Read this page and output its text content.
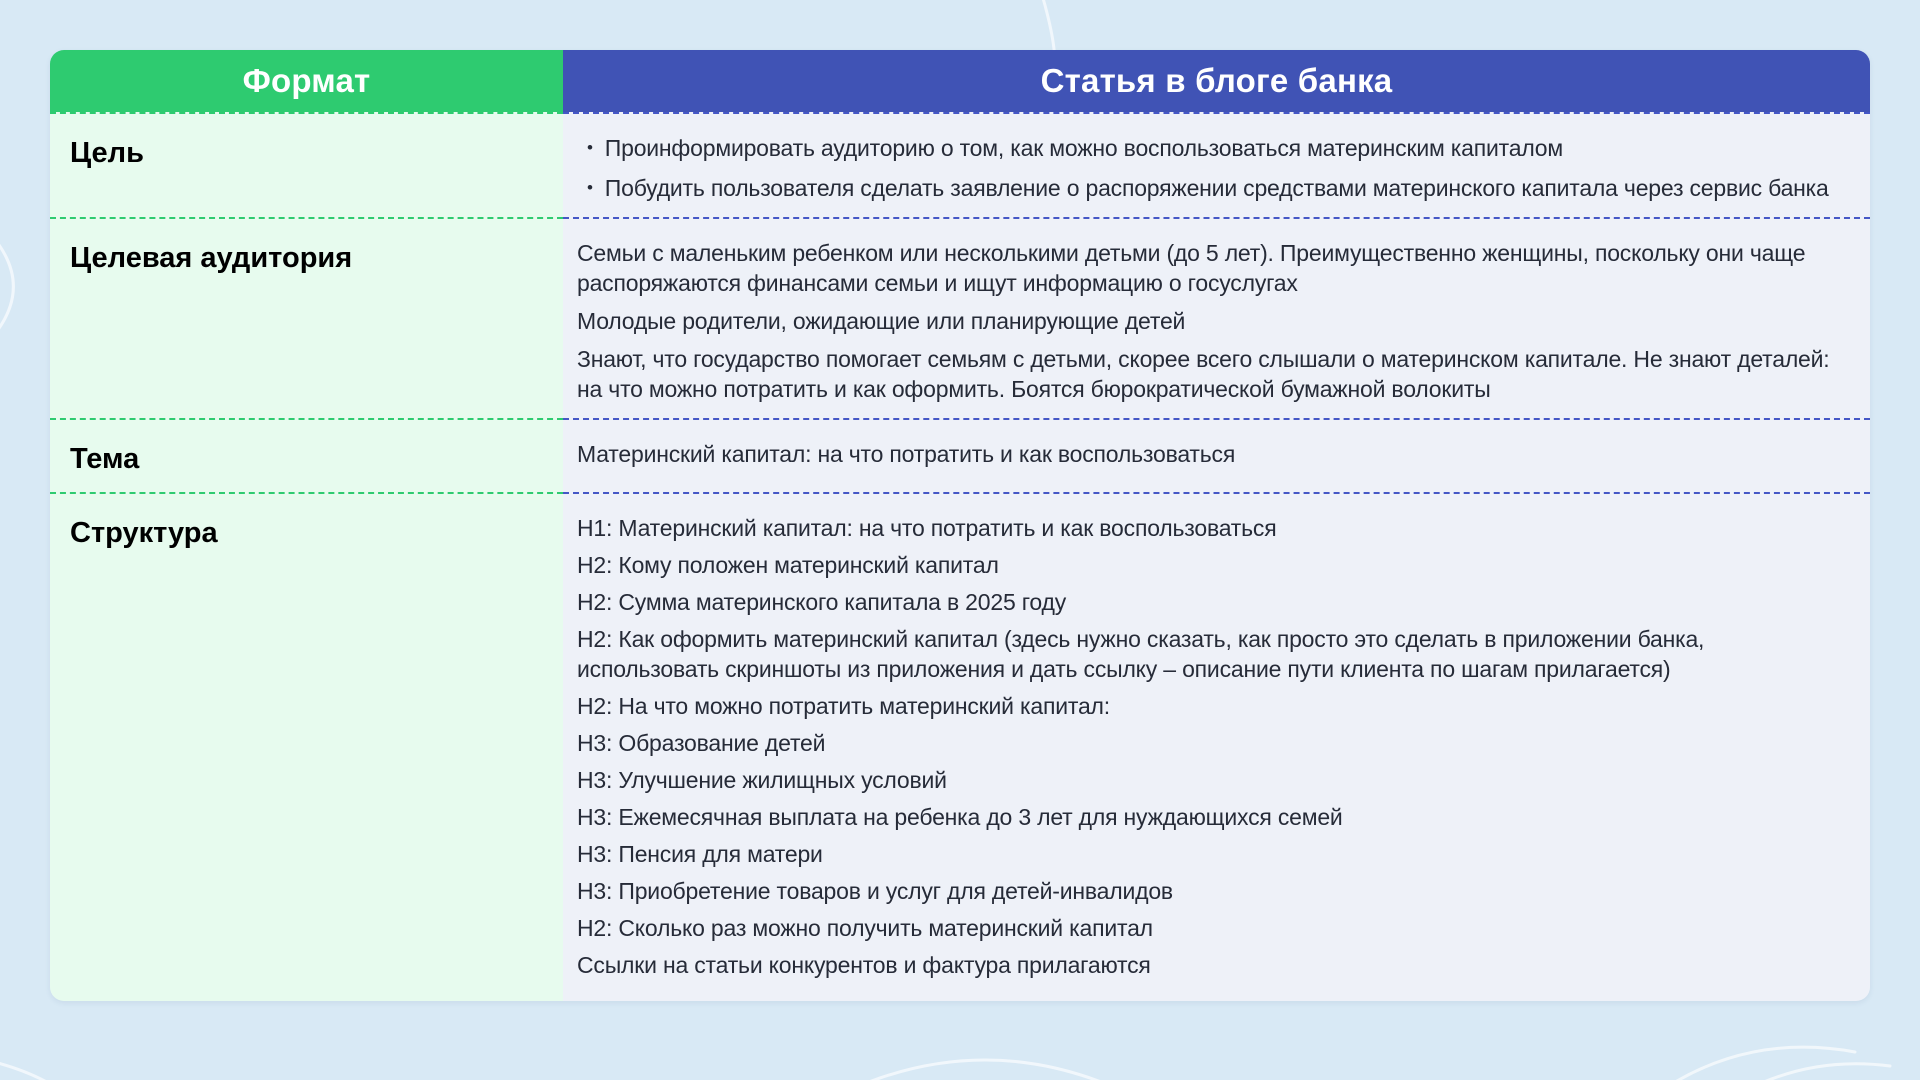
Формат	Статья в блоге банка
Цель	• Проинформировать аудиторию о том, как можно воспользоваться материнским капиталом
• Побудить пользователя сделать заявление о распоряжении средствами материнского капитала через сервис банка
Целевая аудитория	Семьи с маленьким ребенком или несколькими детьми (до 5 лет). Преимущественно женщины, поскольку они чаще распоряжаются финансами семьи и ищут информацию о госуслугах
Молодые родители, ожидающие или планирующие детей
Знают, что государство помогает семьям с детьми, скорее всего слышали о материнском капитале. Не знают деталей: на что можно потратить и как оформить. Боятся бюрократической бумажной волокиты
Тема	Материнский капитал: на что потратить и как воспользоваться
Структура	H1: Материнский капитал: на что потратить и как воспользоваться
H2: Кому положен материнский капитал
H2: Сумма материнского капитала в 2025 году
H2: Как оформить материнский капитал (здесь нужно сказать, как просто это сделать в приложении банка, использовать скриншоты из приложения и дать ссылку – описание пути клиента по шагам прилагается)
H2: На что можно потратить материнский капитал:
H3: Образование детей
H3: Улучшение жилищных условий
H3: Ежемесячная выплата на ребенка до 3 лет для нуждающихся семей
H3: Пенсия для матери
H3: Приобретение товаров и услуг для детей-инвалидов
H2: Сколько раз можно получить материнский капитал
Ссылки на статьи конкурентов и фактура прилагаются
